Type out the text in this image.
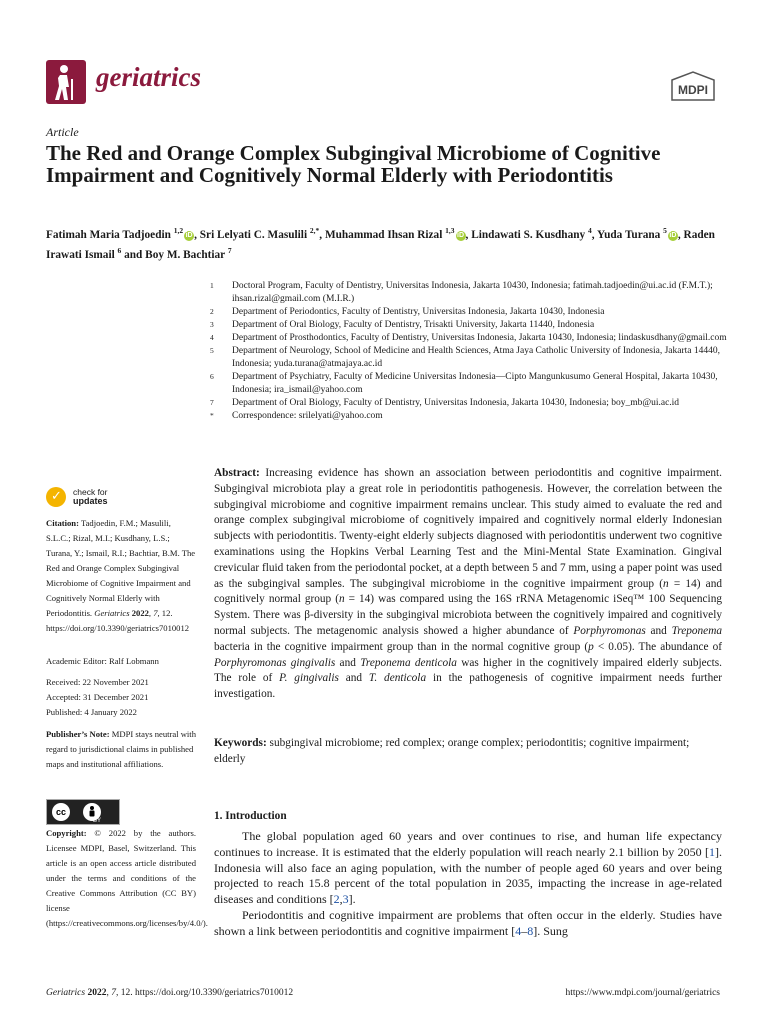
geriatrics	MDPI
Article
The Red and Orange Complex Subgingival Microbiome of Cognitive Impairment and Cognitively Normal Elderly with Periodontitis
Fatimah Maria Tadjoedin $^{1,2}$iD , Sri Lelyati C. Masulili $^{2,*}$, Muhammad Ihsan Rizal $^{1,3}$iD , Lindawati S. Kusdhany $^4$, Yuda Turana $^5$iD , Raden Irawati Ismail $^6$ and Boy M. Bachtiar $^7$
1 Doctoral Program, Faculty of Dentistry, Universitas Indonesia, Jakarta 10430, Indonesia; fatimah.tadjoedin@ui.ac.id (F.M.T.); ihsan.rizal@gmail.com (M.I.R.)
2 Department of Periodontics, Faculty of Dentistry, Universitas Indonesia, Jakarta 10430, Indonesia
3 Department of Oral Biology, Faculty of Dentistry, Trisakti University, Jakarta 11440, Indonesia
4 Department of Prosthodontics, Faculty of Dentistry, Universitas Indonesia, Jakarta 10430, Indonesia; lindaskusdhany@gmail.com
5 Department of Neurology, School of Medicine and Health Sciences, Atma Jaya Catholic University of Indonesia, Jakarta 14440, Indonesia; yuda.turana@atmajaya.ac.id
6 Department of Psychiatry, Faculty of Medicine Universitas Indonesia—Cipto Mangunkusumo General Hospital, Jakarta 10430, Indonesia; ira_ismail@yahoo.com
7 Department of Oral Biology, Faculty of Dentistry, Universitas Indonesia, Jakarta 10430, Indonesia; boy_mb@ui.ac.id
* Correspondence: srilelyati@yahoo.com
✓ check for
updates
Citation: Tadjoedin, F.M.; Masulili, S.L.C.; Rizal, M.I.; Kusdhany, L.S.; Turana, Y.; Ismail, R.I.; Bachtiar, B.M. The Red and Orange Complex Subgingival Microbiome of Cognitive Impairment and Cognitively Normal Elderly with Periodontitis. Geriatrics 2022, 7, 12. https://doi.org/10.3390/geriatrics7010012
Academic Editor: Ralf Lobmann
Received: 22 November 2021
Accepted: 31 December 2021
Published: 4 January 2022
Publisher’s Note: MDPI stays neutral with regard to jurisdictional claims in published maps and institutional affiliations.
cc
BY
Copyright: © 2022 by the authors. Licensee MDPI, Basel, Switzerland. This article is an open access article distributed under the terms and conditions of the Creative Commons Attribution (CC BY) license (https://creativecommons.org/licenses/by/4.0/).
Abstract: Increasing evidence has shown an association between periodontitis and cognitive impairment. Subgingival microbiota play a great role in periodontitis pathogenesis. However, the correlation between the subgingival microbiome and cognitive impairment remains unclear. This study aimed to evaluate the red and orange complex subgingival microbiome of cognitively impaired and cognitively normal elderly Indonesian subjects with periodontitis. Twenty-eight elderly subjects diagnosed with periodontitis underwent two cognitive examinations using the Hopkins Verbal Learning Test and the Mini-Mental State Examination. Gingival crevicular fluid taken from the periodontal pocket, at a depth between 5 and 7 mm, using a paper point was used as the subgingival samples. The subgingival microbiome in the cognitive impairment group (n = 14) and cognitively normal group (n = 14) was compared using the 16S rRNA Metagenomic iSeq™ 100 Sequencing System. There was β-diversity in the subgingival microbiota between the cognitively impaired and cognitively normal subjects. The metagenomic analysis showed a higher abundance of Porphyromonas and Treponema bacteria in the cognitive impairment group than in the normal cognitive group (p < 0.05). The abundance of Porphyromonas gingivalis and Treponema denticola was higher in the cognitively impaired elderly subjects. The role of P. gingivalis and T. denticola in the pathogenesis of cognitive impairment needs further investigation.
Keywords: subgingival microbiome; red complex; orange complex; periodontitis; cognitive impairment; elderly
1. Introduction

The global population aged 60 years and over continues to rise, and human life expectancy continues to increase. It is estimated that the elderly population will reach nearly 2.1 billion by 2050 [1]. Indonesia will also face an aging population, with the number of people aged 60 years and over being projected to reach 15.8 percent of the total population in 2035, impacting the increase in age-related diseases and conditions [2,3].

Periodontitis and cognitive impairment are problems that often occur in the elderly. Studies have shown a link between periodontitis and cognitive impairment [4–8]. Sung

Geriatrics 2022, 7, 12. https://doi.org/10.3390/geriatrics7010012	https://www.mdpi.com/journal/geriatrics
